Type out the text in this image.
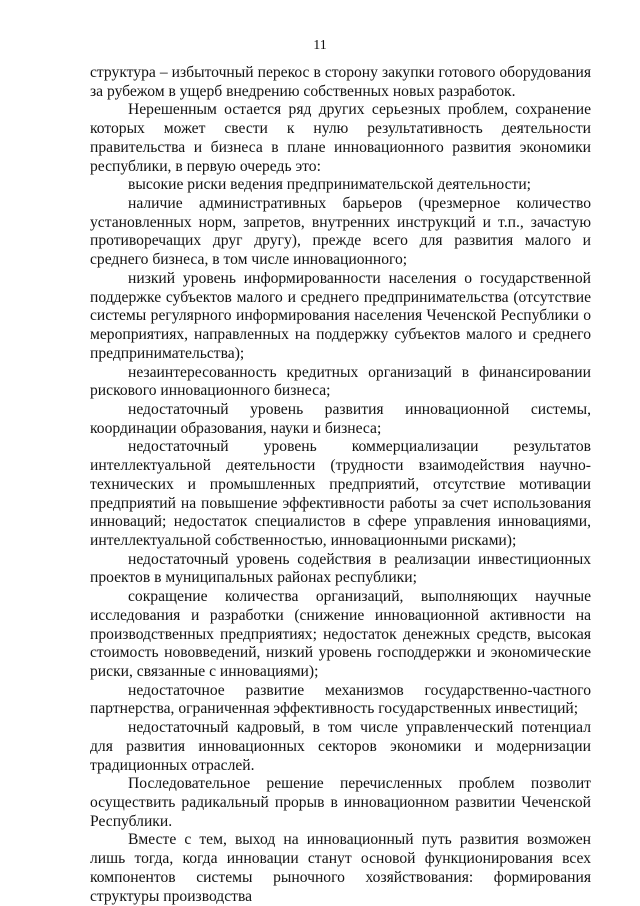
11

структура – избыточный перекос в сторону закупки готового оборудования за рубежом в ущерб внедрению собственных новых разработок.

Нерешенным остается ряд других серьезных проблем, сохранение которых может свести к нулю результативность деятельности правительства и бизнеса в плане инновационного развития экономики республики, в первую очередь это:

высокие риски ведения предпринимательской деятельности;

наличие административных барьеров (чрезмерное количество установленных норм, запретов, внутренних инструкций и т.п., зачастую противоречащих друг другу), прежде всего для развития малого и среднего бизнеса, в том числе инновационного;

низкий уровень информированности населения о государственной поддержке субъектов малого и среднего предпринимательства (отсутствие системы регулярного информирования населения Чеченской Республики о мероприятиях, направленных на поддержку субъектов малого и среднего предпринимательства);

незаинтересованность кредитных организаций в финансировании рискового инновационного бизнеса;

недостаточный уровень развития инновационной системы, координации образования, науки и бизнеса;

недостаточный уровень коммерциализации результатов интеллектуальной деятельности (трудности взаимодействия научно-технических и промышленных предприятий, отсутствие мотивации предприятий на повышение эффективности работы за счет использования инноваций; недостаток специалистов в сфере управления инновациями, интеллектуальной собственностью, инновационными рисками);

недостаточный уровень содействия в реализации инвестиционных проектов в муниципальных районах республики;

сокращение количества организаций, выполняющих научные исследования и разработки (снижение инновационной активности на производственных предприятиях; недостаток денежных средств, высокая стоимость нововведений, низкий уровень господдержки и экономические риски, связанные с инновациями);

недостаточное развитие механизмов государственно-частного партнерства, ограниченная эффективность государственных инвестиций;

недостаточный кадровый, в том числе управленческий потенциал для развития инновационных секторов экономики и модернизации традиционных отраслей.

Последовательное решение перечисленных проблем позволит осуществить радикальный прорыв в инновационном развитии Чеченской Республики.

Вместе с тем, выход на инновационный путь развития возможен лишь тогда, когда инновации станут основой функционирования всех компонентов системы рыночного хозяйствования: формирования структуры производства
